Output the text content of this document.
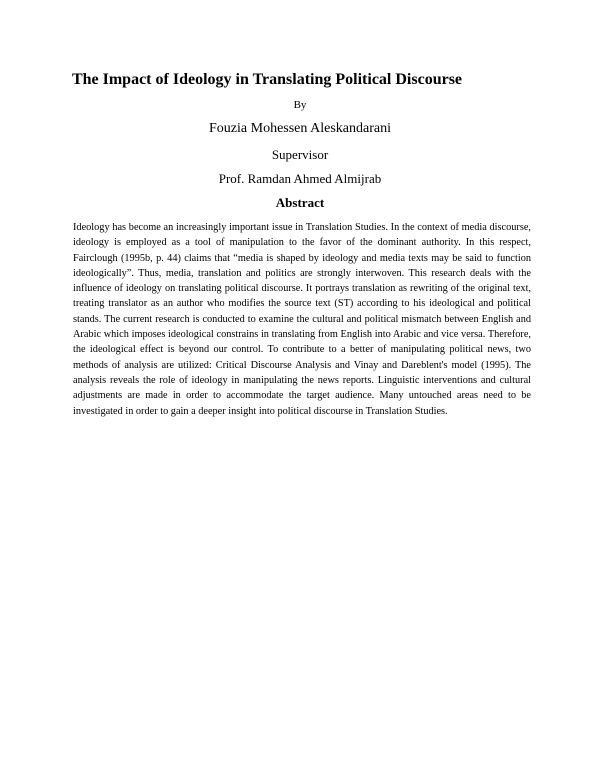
The Impact of Ideology in Translating Political Discourse

By

Fouzia Mohessen Aleskandarani

Supervisor

Prof. Ramdan Ahmed Almijrab

Abstract

Ideology has become an increasingly important issue in Translation Studies. In the context of media discourse, ideology is employed as a tool of manipulation to the favor of the dominant authority. In this respect, Fairclough (1995b, p. 44) claims that “media is shaped by ideology and media texts may be said to function ideologically”. Thus, media, translation and politics are strongly interwoven. This research deals with the influence of ideology on translating political discourse. It portrays translation as rewriting of the original text, treating translator as an author who modifies the source text (ST) according to his ideological and political stands. The current research is conducted to examine the cultural and political mismatch between English and Arabic which imposes ideological constrains in translating from English into Arabic and vice versa. Therefore, the ideological effect is beyond our control. To contribute to a better of manipulating political news, two methods of analysis are utilized: Critical Discourse Analysis and Vinay and Dareblent's model (1995). The analysis reveals the role of ideology in manipulating the news reports. Linguistic interventions and cultural adjustments are made in order to accommodate the target audience. Many untouched areas need to be investigated in order to gain a deeper insight into political discourse in Translation Studies.
